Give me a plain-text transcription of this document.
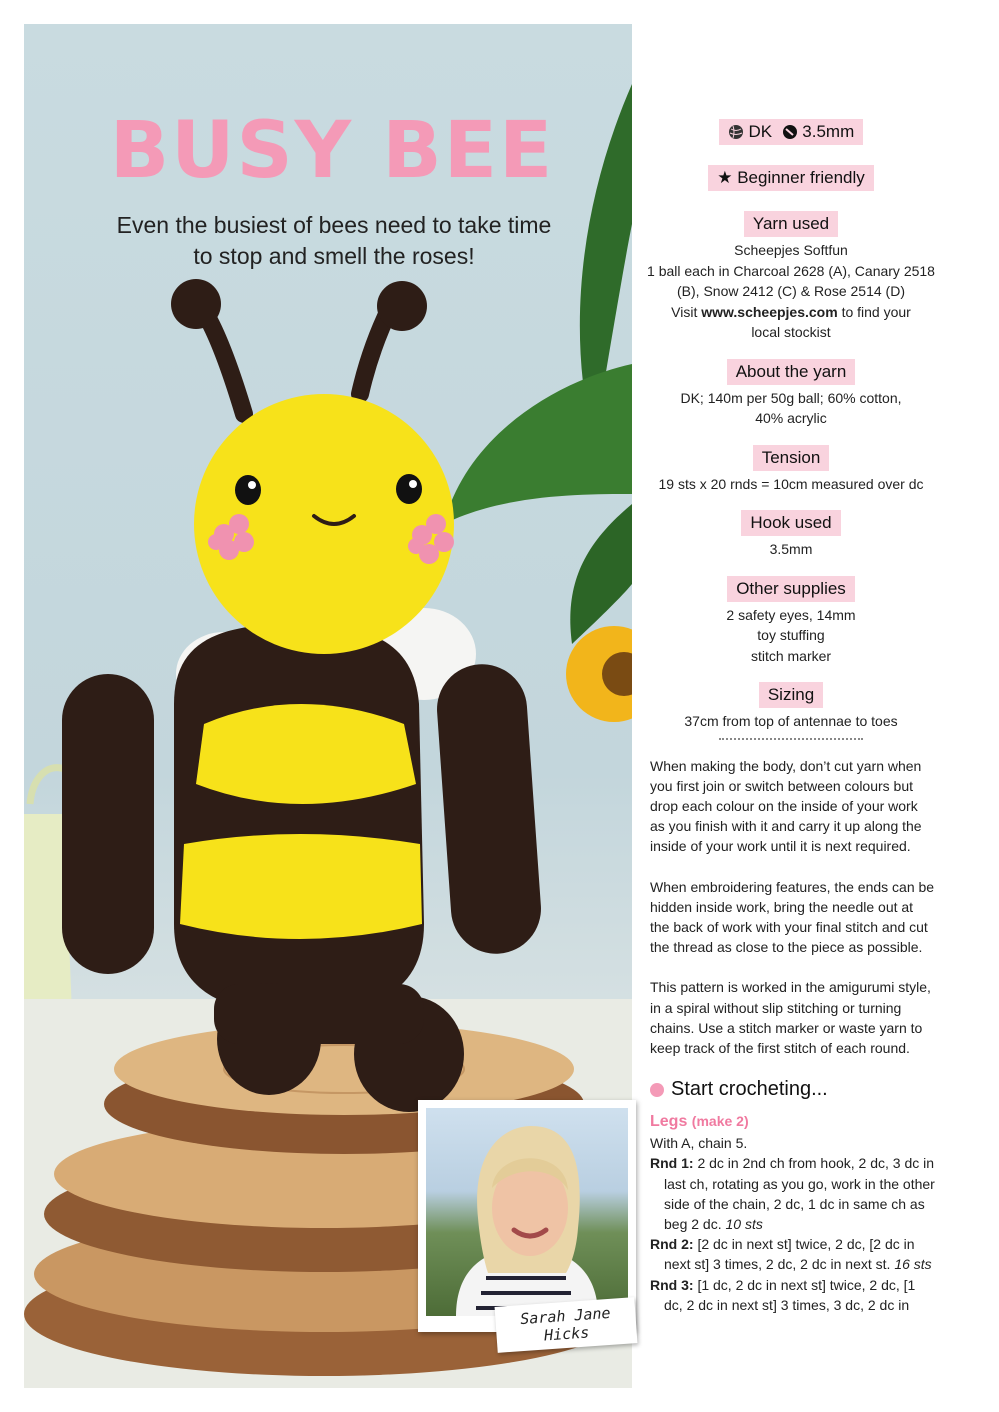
BUSY BEE

Even the busiest of bees need to take time
to stop and smell the roses!

Sarah Jane Hicks
DK 3.5mm
★ Beginner friendly
Yarn used

Scheepjes Softfun
1 ball each in Charcoal 2628 (A), Canary 2518
(B), Snow 2412 (C) & Rose 2514 (D)
Visit www.scheepjes.com to find your
local stockist

About the yarn

DK; 140m per 50g ball; 60% cotton,
40% acrylic

Tension

19 sts x 20 rnds = 10cm measured over dc

Hook used

3.5mm

Other supplies

2 safety eyes, 14mm
toy stuffing
stitch marker

Sizing

37cm from top of antennae to toes

When making the body, don’t cut yarn when you first join or switch between colours but drop each colour on the inside of your work as you finish with it and carry it up along the inside of your work until it is next required.

When embroidering features, the ends can be hidden inside work, bring the needle out at the back of work with your final stitch and cut the thread as close to the piece as possible.

This pattern is worked in the amigurumi style, in a spiral without slip stitching or turning chains. Use a stitch marker or waste yarn to keep track of the first stitch of each round.

Start crocheting...
Legs (make 2)
With A, chain 5.
Rnd 1: 2 dc in 2nd ch from hook, 2 dc, 3 dc in last ch, rotating as you go, work in the other side of the chain, 2 dc, 1 dc in same ch as beg 2 dc. 10 sts
Rnd 2: [2 dc in next st] twice, 2 dc, [2 dc in next st] 3 times, 2 dc, 2 dc in next st. 16 sts
Rnd 3: [1 dc, 2 dc in next st] twice, 2 dc, [1 dc, 2 dc in next st] 3 times, 3 dc, 2 dc in
